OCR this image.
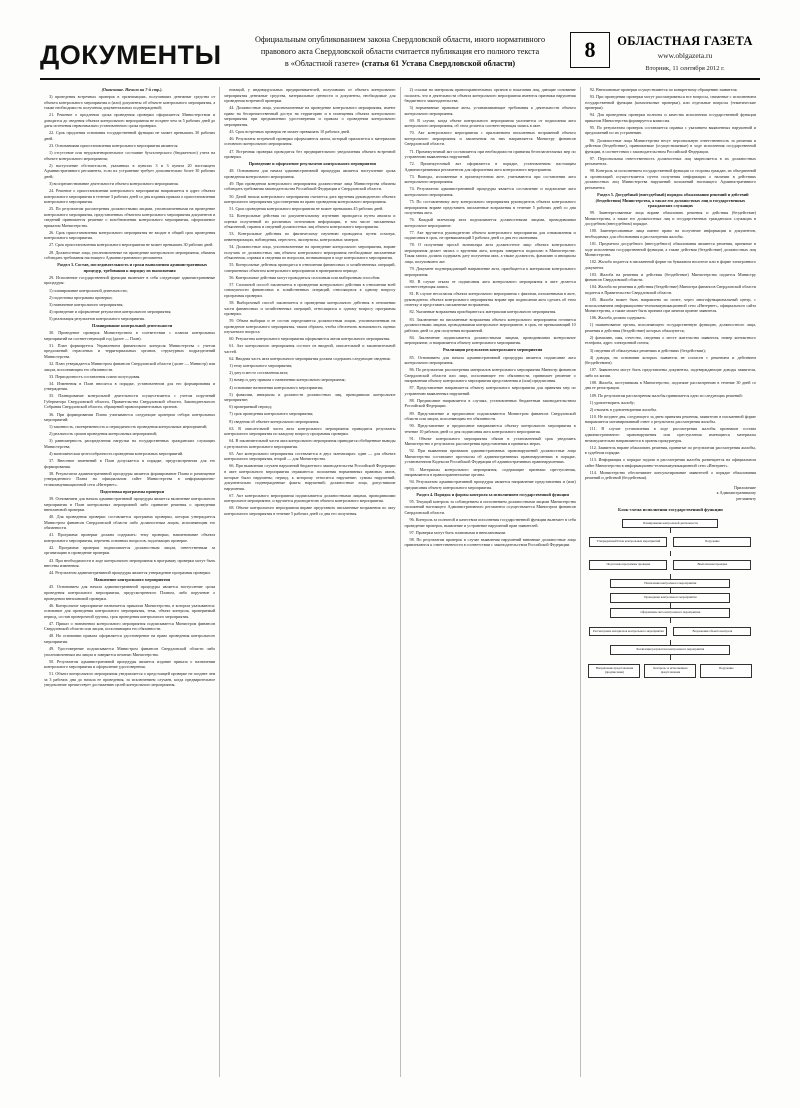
ДОКУМЕНТЫ
Официальным опубликованием закона Свердловской области, иного нормативного
правового акта Свердловской области считается публикация его полного текста
в «Областной газете» (статья 61 Устава Свердловской области)
8	ОБЛАСТНАЯ ГАЗЕТА
www.oblgazeta.ru
Вторник, 11 сентября 2012 г.

(Окончание. Начало на 7-й стр.).

3) проведения встречных проверок в организациях, получивших денежные средства от объекта контрольного мероприятия и (или) документы об объекте контрольного мероприятия, а также необходимость получения документальных подтверждений;

21. Решение о продлении срока проведения проверки оформляется Министерством и доводится до сведения объекта контрольного мероприятия не позднее чем за 5 рабочих дней до даты истечения первоначально установленного срока проверки.

22. Срок продления основания государственной функции не может превышать 30 рабочих дней.

23. Основаниями приостановления контрольного мероприятия являются:

1) отсутствие или неудовлетворительное состояние бухгалтерского (бюджетного) учета на объекте контрольного мероприятия;

2) наступление обстоятельств, указанных в пунктах 3 и 3 пункта 20 настоящего Административного регламента, если их устранение требует дополнительно более 30 рабочих дней;

3) воспрепятствование деятельности объекта контрольного мероприятия.

24. Решение о приостановлении контрольного мероприятия направляется в адрес объекта контрольного мероприятия в течение 3 рабочих дней со дня издания приказа о приостановлении контрольного мероприятия.

25. По результатам рассмотрения должностными лицами, уполномоченными на проведение контрольного мероприятия, представленных объектом контрольного мероприятия документов и сведений принимается решение о возобновлении контрольного мероприятия, оформляемое приказом Министерства.

26. Срок приостановления контрольного мероприятия не входит в общий срок проведения контрольного мероприятия.

27. Срок приостановления контрольного мероприятия не может превышать 30 рабочих дней.

28. Должностные лица, уполномоченные на проведение контрольного мероприятия, обязаны соблюдать требования настоящего Административного регламента.

Раздел 3. Состав, последовательность и сроки выполнения административных процедур, требования к порядку их выполнения

29. Исполнение государственной функции включает в себя следующие административные процедуры:

1) планирование контрольной деятельности;

2) подготовка программы проверки;

3) назначение контрольного мероприятия;

4) проведение и оформление результатов контрольного мероприятия;

5) реализация результатов контрольного мероприятия.

Планирование контрольной деятельности

30. Проведение проверок Министерством в соответствии с планом контрольных мероприятий на соответствующий год (далее — План).

31. План формируется Управлением финансового контроля Министерства с учетом предложений отраслевых и территориальных органов, структурных подразделений Министерства.

32. План утверждается Министром финансов Свердловской области (далее — Министр) или лицом, исполняющим его обязанности.

33. Периодичность составления плана полугодовая.

34. Изменения в План вносятся в порядке, установленном для его формирования и утверждения.

35. Планирование контрольной деятельности осуществляется с учетом поручений Губернатора Свердловской области, Правительства Свердловской области, Законодательного Собрания Свердловской области, обращений правоохранительных органов.

36. При формировании Плана учитываются следующие критерии отбора контрольных мероприятий:

1) законность, своевременность и периодичность проведения контрольных мероприятий;

2) реальность сроков проведения контрольных мероприятий;

3) равномерность распределения нагрузки на государственных гражданских служащих Министерства;

4) экономическая целесообразность проведения контрольных мероприятий.

37. Внесение изменений в План допускается в порядке, предусмотренном для его формирования.

38. Результатом административной процедуры является формирование Плана и размещение утвержденного Плана на официальном сайте Министерства в информационно-телекоммуникационной сети «Интернет».

Подготовка программы проверки

39. Основанием для начала административной процедуры является включение контрольного мероприятия в План контрольных мероприятий либо принятие решения о проведении внеплановой проверки.

40. Для проведения проверки составляется программа проверки, которая утверждается Министром финансов Свердловской области либо должностным лицом, исполняющим его обязанности.

41. Программа проверки должна содержать: тему проверки, наименование объекта контрольного мероприятия, перечень основных вопросов, подлежащих проверке.

42. Программа проверки подписывается должностным лицом, ответственным за организацию и проведение проверки.

43. При необходимости в ходе контрольного мероприятия в программу проверки могут быть внесены изменения.

44. Результатом административной процедуры является утверждение программы проверки.

Назначение контрольного мероприятия

45. Основанием для начала административной процедуры является наступление срока проведения контрольного мероприятия, предусмотренного Планом, либо поручение о проведении внеплановой проверки.

46. Контрольное мероприятие назначается приказом Министерства, в котором указываются: основание для проведения контрольного мероприятия, тема, объект контроля, проверяемый период, состав проверочной группы, срок проведения контрольного мероприятия.

47. Приказ о назначении контрольного мероприятия подписывается Министром финансов Свердловской области или лицом, исполняющим его обязанности.

48. На основании приказа оформляется удостоверение на право проведения контрольного мероприятия.

49. Удостоверение подписывается Министром финансов Свердловской области либо уполномоченным им лицом и заверяется печатью Министерства.

50. Результатом административной процедуры является издание приказа о назначении контрольного мероприятия и оформление удостоверения.

51. Объект контрольного мероприятия уведомляется о предстоящей проверке не позднее чем за 3 рабочих дня до начала ее проведения, за исключением случаев, когда предварительное уведомление препятствует достижению целей контрольного мероприятия.

низаций, у индивидуальных предпринимателей, получивших от объекта контрольного мероприятия денежные средства, материальные ценности и документы, необходимые для проведения встречной проверки.

44. Должностные лица, уполномоченные на проведение контрольного мероприятия, имеют право на беспрепятственный доступ на территорию и в помещения объекта контрольного мероприятия при предъявлении удостоверения и приказа о проведении контрольного мероприятия.

45. Срок встречных проверок не может превышать 10 рабочих дней.

46. Результаты встречной проверки оформляются актом, который прилагается к материалам основного контрольного мероприятия.

47. Встречная проверка проводится без предварительного уведомления объекта встречной проверки.

Проведение и оформление результатов контрольного мероприятия

48. Основанием для начала административной процедуры является наступление срока проведения контрольного мероприятия.

49. При проведении контрольного мероприятия должностные лица Министерства обязаны соблюдать требования законодательства Российской Федерации и Свердловской области.

50. Датой начала контрольного мероприятия считается дата вручения руководителю объекта контрольного мероприятия удостоверения на право проведения контрольного мероприятия.

51. Срок проведения контрольного мероприятия не может превышать 45 рабочих дней.

52. Контрольные действия по документальному изучению проводятся путем анализа и оценки полученной из различных источников информации, в том числе письменных объяснений, справок и сведений должностных лиц объекта контрольного мероприятия.

53. Контрольные действия по фактическому изучению проводятся путем осмотра, инвентаризации, наблюдения, пересчета, экспертизы, контрольных замеров.

54. Должностные лица, уполномоченные на проведение контрольного мероприятия, вправе получать от должностных лиц объекта контрольного мероприятия необходимые письменные объяснения, справки и сведения по вопросам, возникающим в ходе контрольного мероприятия.

55. Контрольные действия проводятся в отношении финансовых и хозяйственных операций, совершенных объектом контрольного мероприятия в проверяемом периоде.

56. Контрольные действия могут проводиться сплошным или выборочным способом.

57. Сплошной способ заключается в проведении контрольного действия в отношении всей совокупности финансовых и хозяйственных операций, относящихся к одному вопросу программы проверки.

58. Выборочный способ заключается в проведении контрольного действия в отношении части финансовых и хозяйственных операций, относящихся к одному вопросу программы проверки.

59. Объем выборки и ее состав определяются должностным лицом, уполномоченным на проведение контрольного мероприятия, таким образом, чтобы обеспечить возможность оценки изучаемого вопроса.

60. Результаты контрольного мероприятия оформляются актом контрольного мероприятия.

61. Акт контрольного мероприятия состоит из вводной, описательной и заключительной частей.

62. Вводная часть акта контрольного мероприятия должна содержать следующие сведения:

1) тему контрольного мероприятия;

2) дату и место составления акта;

3) номер и дату приказа о назначении контрольного мероприятия;

4) основание назначения контрольного мероприятия;

5) фамилии, инициалы и должности должностных лиц, проводивших контрольное мероприятие;

6) проверяемый период;

7) срок проведения контрольного мероприятия;

8) сведения об объекте контрольного мероприятия.

63. В описательной части акта контрольного мероприятия приводятся результаты контрольного мероприятия по каждому вопросу программы проверки.

64. В заключительной части акта контрольного мероприятия приводятся обобщенные выводы о результатах контрольного мероприятия.

65. Акт контрольного мероприятия составляется в двух экземплярах: один — для объекта контрольного мероприятия, второй — для Министерства.

66. При выявлении случаев нарушений бюджетного законодательства Российской Федерации в акте контрольного мероприятия отражаются: положения нормативных правовых актов, которые были нарушены; период, к которому относится нарушение; суммы нарушений; документально подтвержденные факты нарушений; должностные лица, допустившие нарушения.

67. Акт контрольного мероприятия подписывается должностными лицами, проводившими контрольное мероприятие, и вручается руководителю объекта контрольного мероприятия.

68. Объект контрольного мероприятия вправе представить письменные возражения по акту контрольного мероприятия в течение 5 рабочих дней со дня его получения.

2) ссылки на материалы правоохранительных органов и показания лиц, дающие основание полагать, что в деятельности объекта контрольного мероприятия имеются признаки нарушения бюджетного законодательства;

3) нормативные правовые акты, устанавливающие требования к деятельности объекта контрольного мероприятия.

69. В случае, когда объект контрольного мероприятия уклоняется от подписания акта контрольного мероприятия, об этом делается соответствующая запись в акте.

70. Акт контрольного мероприятия с приложением письменных возражений объекта контрольного мероприятия и заключения на них направляется Министру финансов Свердловской области.

71. Промежуточный акт составляется при необходимости принятия безотлагательных мер по устранению выявленных нарушений.

72. Промежуточный акт оформляется в порядке, установленном настоящим Административным регламентом для оформления акта контрольного мероприятия.

73. Выводы, изложенные в промежуточном акте, учитываются при составлении акта контрольного мероприятия.

74. Результатом административной процедуры является составление и подписание акта контрольного мероприятия.

75. По составленному акту контрольного мероприятия руководитель объекта контрольного мероприятия вправе представить письменные возражения в течение 5 рабочих дней со дня получения акта.

76. Каждый экземпляр акта подписывается должностными лицами, проводившими контрольное мероприятие.

77. Акт вручается руководителю объекта контрольного мероприятия для ознакомления и подписания в срок, не превышающий 5 рабочих дней со дня его окончания.

78. О получении просьб экземпляра акта должностное лицо объекта контрольного мероприятия делает запись о вручении акта, которая заверяется подписью в Министерстве. Такая запись должна содержать дату получения акта, а также должность, фамилию и инициалы лица, получившего акт.

79. Документ подтверждающий направление акта, приобщается к материалам контрольного мероприятия.

80. В случае отказа от подписания акта контрольного мероприятия в акте делается соответствующая запись.

81. В случае несогласия объекта контрольного мероприятия с фактами, изложенными в акте, руководитель объекта контрольного мероприятия вправе при подписании акта сделать об этом отметку и представить письменные возражения.

82. Указанные возражения приобщаются к материалам контрольного мероприятия.

83. Заключение на письменные возражения объекта контрольного мероприятия готовится должностными лицами, проводившими контрольное мероприятие, в срок, не превышающий 10 рабочих дней со дня получения возражений.

84. Заключение подписывается должностными лицами, проводившими контрольное мероприятие, и направляется объекту контрольного мероприятия.

Реализация результатов контрольного мероприятия

85. Основанием для начала административной процедуры является подписание акта контрольного мероприятия.

86. По результатам рассмотрения материалов контрольного мероприятия Министр финансов Свердловской области или лицо, исполняющее его обязанности, принимает решение о направлении объекту контрольного мероприятия представления и (или) предписания.

87. Представление направляется объекту контрольного мероприятия для принятия мер по устранению выявленных нарушений.

88. Предписание направляется в случаях, установленных бюджетным законодательством Российской Федерации.

89. Представление и предписание подписываются Министром финансов Свердловской области или лицом, исполняющим его обязанности.

90. Представление и предписание направляются объекту контрольного мероприятия в течение 10 рабочих дней со дня подписания акта контрольного мероприятия.

91. Объект контрольного мероприятия обязан в установленный срок уведомить Министерство о результатах рассмотрения представления и принятых мерах.

92. При выявлении признаков административных правонарушений должностные лица Министерства составляют протоколы об административных правонарушениях в порядке, установленном Кодексом Российской Федерации об административных правонарушениях.

93. Материалы контрольного мероприятия, содержащие признаки преступления, направляются в правоохранительные органы.

94. Результатом административной процедуры является направление представления и (или) предписания объекту контрольного мероприятия.

Раздел 4. Порядок и формы контроля за исполнением государственной функции

95. Текущий контроль за соблюдением и исполнением должностными лицами Министерства положений настоящего Административного регламента осуществляется Министром финансов Свердловской области.

96. Контроль за полнотой и качеством исполнения государственной функции включает в себя проведение проверок, выявление и устранение нарушений прав заявителей.

97. Проверки могут быть плановыми и внеплановыми.

98. По результатам проверок в случае выявления нарушений виновные должностные лица привлекаются к ответственности в соответствии с законодательством Российской Федерации.

92. Внеплановые проверки осуществляются по конкретному обращению заявителя.

93. При проведении проверки могут рассматриваться все вопросы, связанные с исполнением государственной функции (комплексные проверки), или отдельные вопросы (тематические проверки).

94. Для проведения проверки полноты и качества исполнения государственной функции приказом Министерства формируется комиссия.

95. По результатам проверок составляется справка с указанием выявленных нарушений и предложений по их устранению.

96. Должностные лица Министерства несут персональную ответственность за решения и действия (бездействие), принимаемые (осуществляемые) в ходе исполнения государственной функции, в соответствии с законодательством Российской Федерации.

97. Персональная ответственность должностных лиц закрепляется в их должностных регламентах.

98. Контроль за исполнением государственной функции со стороны граждан, их объединений и организаций осуществляется путем получения информации о наличии в действиях должностных лиц Министерства нарушений положений настоящего Административного регламента.

Раздел 5. Досудебный (внесудебный) порядок обжалования решений и действий (бездействия) Министерства, а также его должностных лиц и государственных гражданских служащих

99. Заинтересованные лица вправе обжаловать решения и действия (бездействие) Министерства, а также его должностных лиц и государственных гражданских служащих в досудебном (внесудебном) порядке.

100. Заинтересованные лица имеют право на получение информации и документов, необходимых для обоснования и рассмотрения жалобы.

101. Предметом досудебного (внесудебного) обжалования являются решения, принятые в ходе исполнения государственной функции, а также действия (бездействие) должностных лиц Министерства.

102. Жалоба подается в письменной форме на бумажном носителе или в форме электронного документа.

103. Жалоба на решения и действия (бездействие) Министерства подается Министру финансов Свердловской области.

104. Жалоба на решения и действия (бездействие) Министра финансов Свердловской области подается в Правительство Свердловской области.

105. Жалоба может быть направлена по почте, через многофункциональный центр, с использованием информационно-телекоммуникационной сети «Интернет», официального сайта Министерства, а также может быть принята при личном приеме заявителя.

106. Жалоба должна содержать:

1) наименование органа, исполняющего государственную функцию, должностного лица, решения и действия (бездействие) которых обжалуются;

2) фамилию, имя, отчество, сведения о месте жительства заявителя, номер контактного телефона, адрес электронной почты;

3) сведения об обжалуемых решениях и действиях (бездействии);

4) доводы, на основании которых заявитель не согласен с решением и действием (бездействием).

107. Заявителем могут быть представлены документы, подтверждающие доводы заявителя, либо их копии.

108. Жалоба, поступившая в Министерство, подлежит рассмотрению в течение 30 дней со дня ее регистрации.

109. По результатам рассмотрения жалобы принимается одно из следующих решений:

1) удовлетворить жалобу;

2) отказать в удовлетворении жалобы.

110. Не позднее дня, следующего за днем принятия решения, заявителю в письменной форме направляется мотивированный ответ о результатах рассмотрения жалобы.

111. В случае установления в ходе рассмотрения жалобы признаков состава административного правонарушения или преступления имеющиеся материалы незамедлительно направляются в органы прокуратуры.

112. Заявитель вправе обжаловать решения, принятые по результатам рассмотрения жалобы, в судебном порядке.

113. Информация о порядке подачи и рассмотрения жалобы размещается на официальном сайте Министерства в информационно-телекоммуникационной сети «Интернет».

114. Министерство обеспечивает консультирование заявителей о порядке обжалования решений и действий (бездействия).

Приложение
к Административному
регламенту
Блок-схема исполнения государственной функции
Планирование контрольной деятельности
Утвержденный План контрольных мероприятий	Поручение
Подготовка программы проверки	Внеплановая проверка
Назначение контрольного мероприятия
Проведение контрольного мероприятия
Оформление акта контрольного мероприятия
Рассмотрение материалов контрольного мероприятия	Возражения объекта контроля
Реализация результатов контрольного мероприятия
Направление представления (предписания)
Контроль за исполнением представления
Поручение
